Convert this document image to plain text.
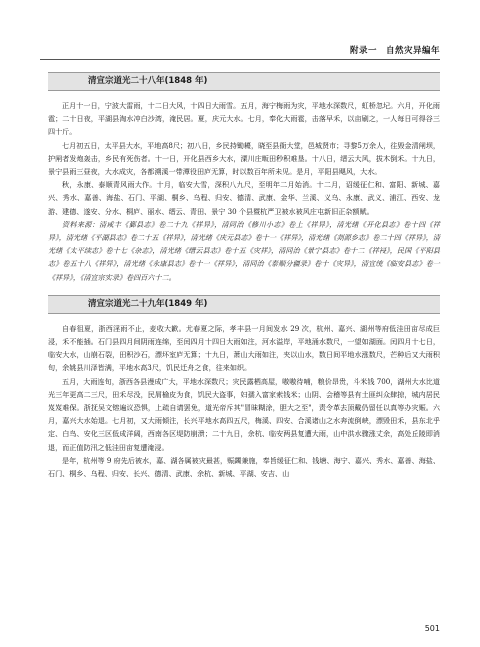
附录一　自然灾异编年
清宣宗道光二十八年(1848 年)

正月十一日，宁波大雷雨，十二日大风，十四日大雨雪。五月，海宁梅雨为灾，平地水深数尺，虹桥忽圮。六月，开化雨雹；二十日夜，平湖县淘水冲白沙湾，淹民居。夏，庆元大水。七月，奉化大雨雹，击落早禾，以亩刷之，一人每日可得谷三四十斤。

七月初五日，太平县大水，平地高8尺；初八日，乡民持锄耰，晓至县衙大堂，邑城贤市；寻黎5万余人，往毁金清闸坝，护闸者发炮轰击，乡民有死伤者。十一日，开化县西乡大水，溧川庄畈田秒积难垦。十八日，缙云大风，拔木倒禾。十九日，景宁县雨三昼夜，大水成灾，各都溯溪一带潭役田庐无算，时以数百年所未见。是月，平阳县飓风，大水。

秋，永康、泰顺青风雨大作。十月，临安大雪，深积八九尺，至明年二月始消。十二月，诏缓征仁和、富阳、新城、嘉兴、秀水、嘉善、海盐、石门、平湖、桐乡、乌程、归安、德清、武康、金华、兰溪、义乌、永康、武义、浦江、西安、龙游、建德、遂安、分水、桐庐、丽水、缙云、青田、景宁 30 个县暨杭严卫被水被风庄屯新旧正杂额赋。

资料来源：清咸丰《鄞县志》卷二十九《祥异》，清同治《修川小志》卷上《祥异》，清光绪《开化县志》卷十四《祥异》，清光绪《平湖县志》卷二十五《祥异》，清光绪《庆元县志》卷十一《祥异》，清光绪《剡源乡志》卷二十四《祥异》，清光绪《太平续志》卷十七《杂志》，清光绪《缙云县志》卷十五《灾祥》，清同治《景宁县志》卷十二《祥祲》，民国《平阳县志》卷五十八《祥异》，清光绪《永康县志》卷十一《祥异》，清同治《泰顺分疆录》卷十《灾异》，清宣统《临安县志》卷一《祥异》，《清宣宗实录》卷四百六十二。

清宣宗道光二十九年(1849 年)

自春徂夏，浙西淫雨不止，麦收大歉。尤春夏之际，孝丰县一月间发水 29 次，杭州、嘉兴、湖州等府低洼田亩尽成巨浸，禾不能插。石门县四月间阴雨连绵，至闰四月十四日大雨如注，河水溢岸，平地涌水数尺，一望如湖面。闰四月十七日，临安大水，山崩石裂，田积沙石，漂坏室庐无算；十九日，萧山大雨如注，夹以山水，数日间平地水涨数尺，芒种后又大雨积旬，余姚县川泽皆满，平地水高3尺，饥民迁舟之食，往来如织。

五月，大雨连旬，浙西各县漫成广大，平地水深数尺；灾民露栖高屋，嗷嗷待哺，粮价昂贵，斗米钱 700，湖州大水比道光三年更高二三尺，田禾尽没，民屑榆皮为食，饥民大盗事，妇孺入富家索钱米；山阴、会稽等县有土匪纠众肆掠，城内居民岌岌难保。浙抚吴文镕遍议恐惧，上疏自请罢免，道光帝斥其"冒昧糊涂，胆大之至"，责令革去顶戴仍留任以真等办灾赈。六月，嘉兴大水始退。七月初，又大雨倾注，长兴平地水高四五尺，梅溪、四安、合溪诸山之水奔流倒峡，漂毁田禾，县东北乎定、白鸟、安化三区低成洋阔，西南各区堤防崩溃；二十九日，余杭、临安两县复遭大雨，山中洪水骤涨丈余，高处丘陵即消退，而正值防汛之低洼田亩复遭淹浸。

是年，杭州等 9 府先后被水，嘉、湖各属被灾最甚，赈蠲兼施，奉旨缓征仁和、钱塘、海宁、嘉兴、秀水、嘉善、海盐、石门、桐乡、乌程、归安、长兴、德清、武康、余杭、新城、平湖、安吉、山

501
